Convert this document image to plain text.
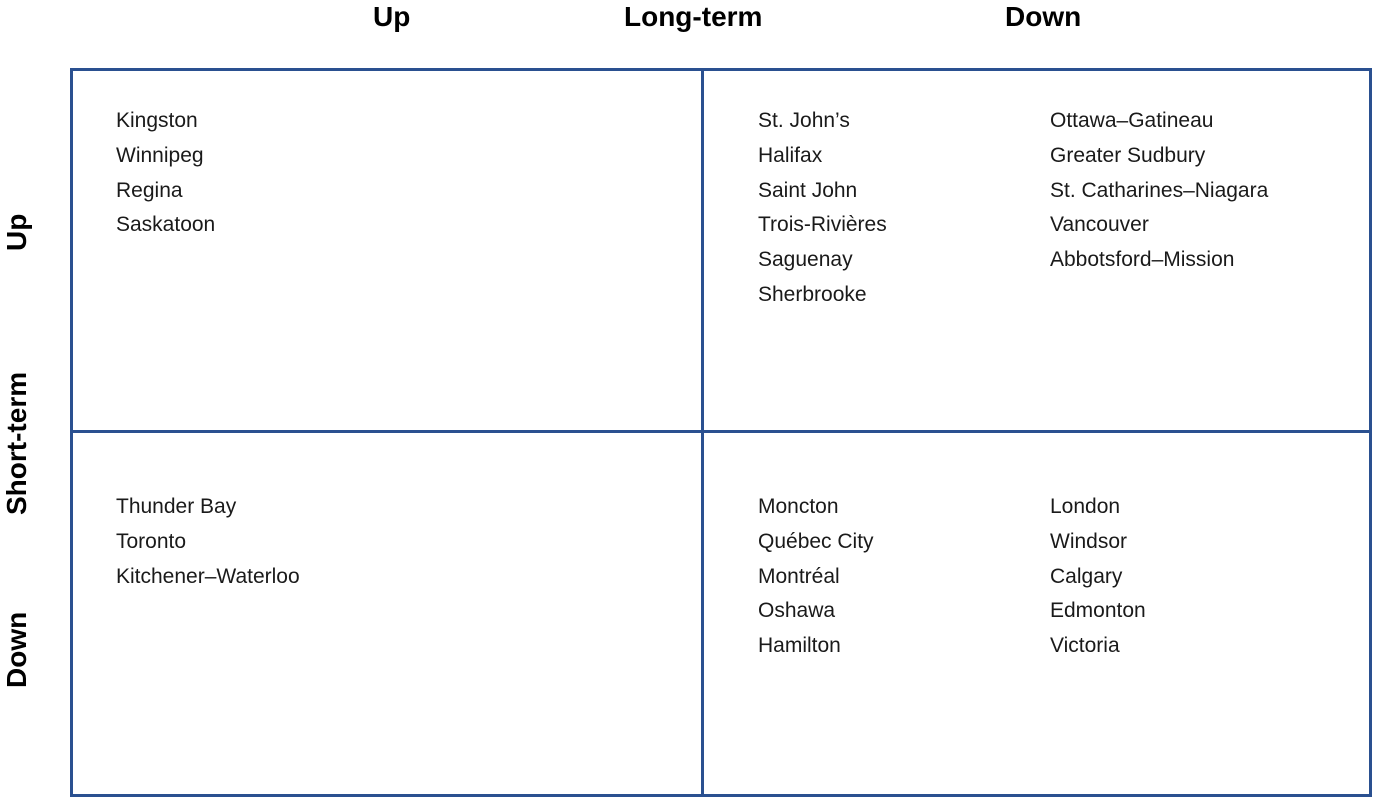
Up	Long-term	Down
Up
Short-term
Down
Kingston
Winnipeg
Regina
Saskatoon
St. John’s
Halifax
Saint John
Trois-Rivières
Saguenay
Sherbrooke
Ottawa–Gatineau
Greater Sudbury
St. Catharines–Niagara
Vancouver
Abbotsford–Mission
Thunder Bay
Toronto
Kitchener–Waterloo
Moncton
Québec City
Montréal
Oshawa
Hamilton
London
Windsor
Calgary
Edmonton
Victoria
